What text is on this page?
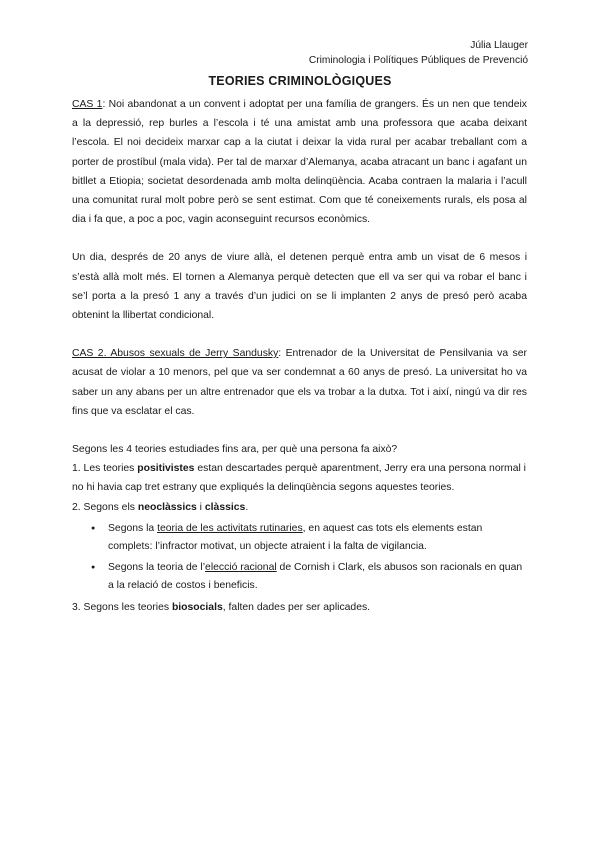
Júlia Llauger
Criminologia i Polítiques Públiques de Prevenció
TEORIES CRIMINOLÒGIQUES

CAS 1: Noi abandonat a un convent i adoptat per una família de grangers. És un nen que tendeix a la depressió, rep burles a l’escola i té una amistat amb una professora que acaba deixant l’escola. El noi decideix marxar cap a la ciutat i deixar la vida rural per acabar treballant com a porter de prostíbul (mala vida). Per tal de marxar d’Alemanya, acaba atracant un banc i agafant un bitllet a Etiopia; societat desordenada amb molta delinqüència. Acaba contraen la malaria i l’acull una comunitat rural molt pobre però se sent estimat. Com que té coneixements rurals, els posa al dia i fa que, a poc a poc, vagin aconseguint recursos econòmics.

Un dia, després de 20 anys de viure allà, el detenen perquè entra amb un visat de 6 mesos i s’està allà molt més. El tornen a Alemanya perquè detecten que ell va ser qui va robar el banc i se’l porta a la presó 1 any a través d’un judici on se li implanten 2 anys de presó però acaba obtenint la llibertat condicional.

CAS 2. Abusos sexuals de Jerry Sandusky: Entrenador de la Universitat de Pensilvania va ser acusat de violar a 10 menors, pel que va ser condemnat a 60 anys de presó. La universitat ho va saber un any abans per un altre entrenador que els va trobar a la dutxa. Tot i així, ningú va dir res fins que va esclatar el cas.

Segons les 4 teories estudiades fins ara, per què una persona fa això?

1. Les teories positivistes estan descartades perquè aparentment, Jerry era una persona normal i no hi havia cap tret estrany que expliqués la delinqüència segons aquestes teories.

2. Segons els neoclàssics i clàssics.

● Segons la teoria de les activitats rutinaries, en aquest cas tots els elements estan complets: l’infractor motivat, un objecte atraient i la falta de vigilancia.
● Segons la teoria de l’elecció racional de Cornish i Clark, els abusos son racionals en quan a la relació de costos i beneficis.

3. Segons les teories biosocials, falten dades per ser aplicades.
